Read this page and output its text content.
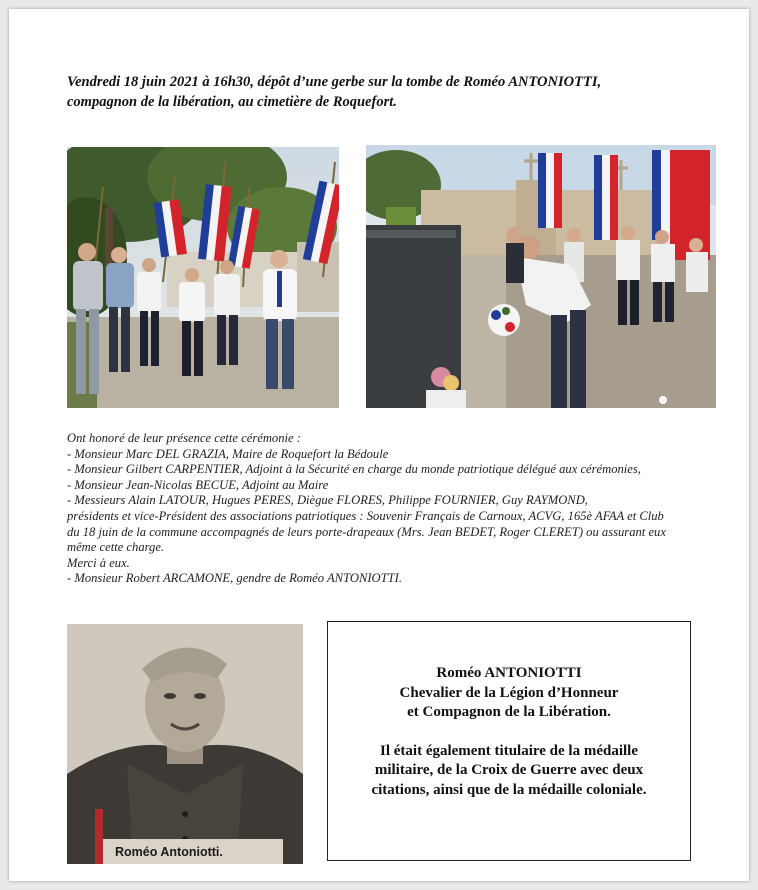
Vendredi 18 juin 2021 à 16h30, dépôt d’une gerbe sur la tombe de Roméo ANTONIOTTI,
compagnon de la libération, au cimetière de Roquefort.
Ont honoré de leur présence cette cérémonie :
- Monsieur Marc DEL GRAZIA, Maire de Roquefort la Bédoule
- Monsieur Gilbert CARPENTIER, Adjoint à la Sécurité en charge du monde patriotique délégué aux cérémonies,
- Monsieur Jean-Nicolas BECUE, Adjoint au Maire
- Messieurs Alain LATOUR, Hugues PERES, Diègue FLORES, Philippe FOURNIER, Guy RAYMOND,
présidents et vice-Président des associations patriotiques : Souvenir Français de Carnoux, ACVG, 165è AFAA et Club
du 18 juin de la commune accompagnés de leurs porte-drapeaux (Mrs. Jean BEDET, Roger CLERET) ou assurant eux
même cette charge.
Merci à eux.
- Monsieur Robert ARCAMONE, gendre de Roméo ANTONIOTTI.
Roméo Antoniotti.
Roméo ANTONIOTTI
Chevalier de la Légion d’Honneur
et Compagnon de la Libération.
Il était également titulaire de la médaille
militaire, de la Croix de Guerre avec deux
citations, ainsi que de la médaille coloniale.
